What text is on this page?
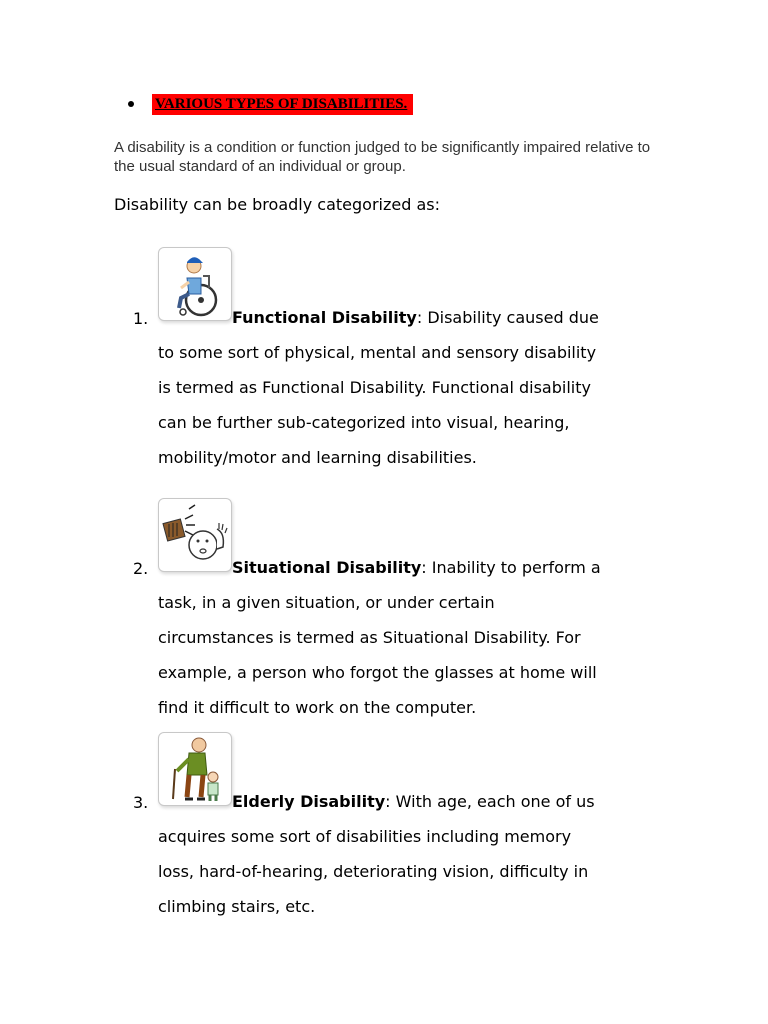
VARIOUS TYPES OF DISABILITIES.
A disability is a condition or function judged to be significantly impaired relative to the usual standard of an individual or group.
Disability can be broadly categorized as:
1.	Functional Disability: Disability caused due
to some sort of physical, mental and sensory disability
is termed as Functional Disability. Functional disability
can be further sub-categorized into visual, hearing,
mobility/motor and learning disabilities.
2.	Situational Disability: Inability to perform a
task, in a given situation, or under certain
circumstances is termed as Situational Disability. For
example, a person who forgot the glasses at home will
find it difficult to work on the computer.
3.	Elderly Disability: With age, each one of us
acquires some sort of disabilities including memory
loss, hard-of-hearing, deteriorating vision, difficulty in
climbing stairs, etc.
